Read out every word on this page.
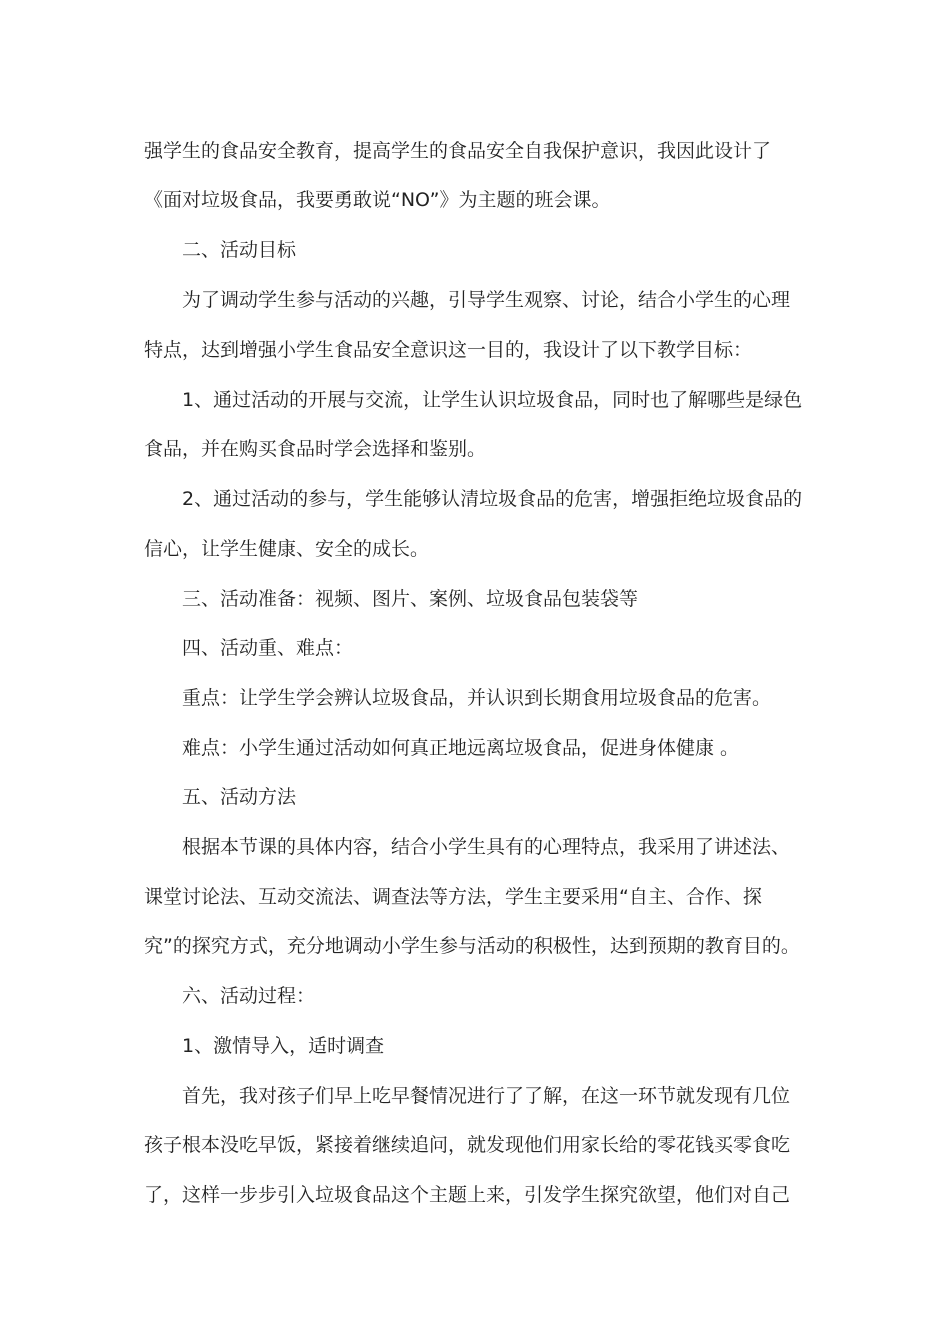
强学生的食品安全教育，提高学生的食品安全自我保护意识，我因此设计了
《面对垃圾食品，我要勇敢说“NO”》为主题的班会课。
二、活动目标
为了调动学生参与活动的兴趣，引导学生观察、讨论，结合小学生的心理
特点，达到增强小学生食品安全意识这一目的，我设计了以下教学目标：
1、通过活动的开展与交流，让学生认识垃圾食品，同时也了解哪些是绿色
食品，并在购买食品时学会选择和鉴别。
2、通过活动的参与，学生能够认清垃圾食品的危害，增强拒绝垃圾食品的
信心，让学生健康、安全的成长。
三、活动准备：视频、图片、案例、垃圾食品包装袋等
四、活动重、难点：
重点：让学生学会辨认垃圾食品，并认识到长期食用垃圾食品的危害。
难点：小学生通过活动如何真正地远离垃圾食品，促进身体健康 。
五、活动方法
根据本节课的具体内容，结合小学生具有的心理特点，我采用了讲述法、
课堂讨论法、互动交流法、调查法等方法，学生主要采用“自主、合作、探
究”的探究方式，充分地调动小学生参与活动的积极性，达到预期的教育目的。
六、活动过程：
1、激情导入，适时调查
首先，我对孩子们早上吃早餐情况进行了了解，在这一环节就发现有几位
孩子根本没吃早饭，紧接着继续追问，就发现他们用家长给的零花钱买零食吃
了，这样一步步引入垃圾食品这个主题上来，引发学生探究欲望，他们对自己
